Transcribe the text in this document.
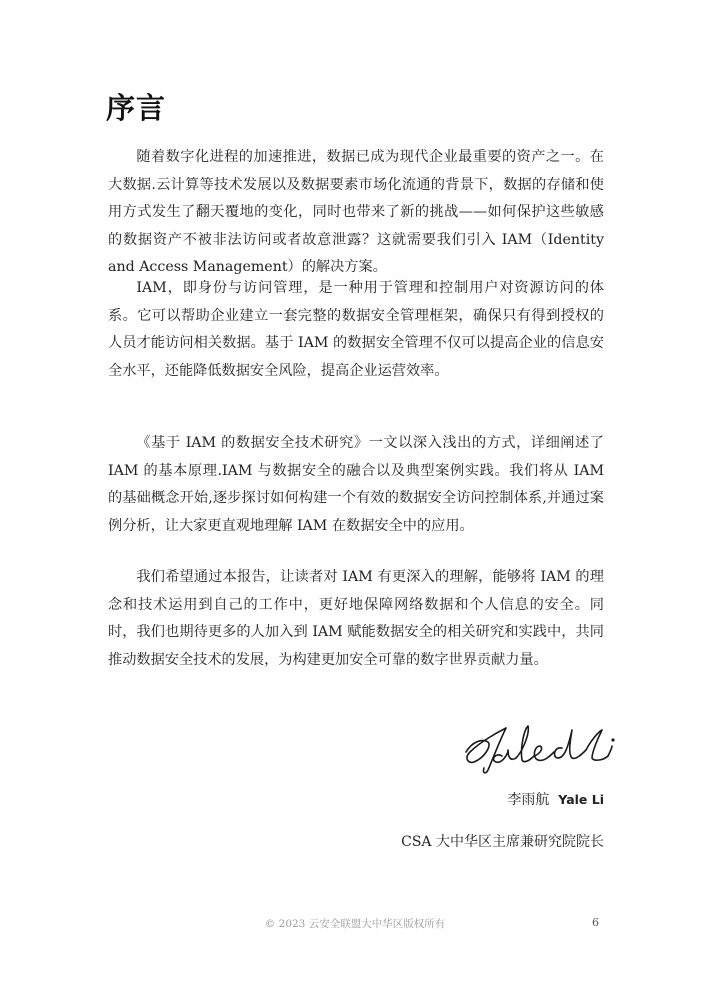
序言

随着数字化进程的加速推进，数据已成为现代企业最重要的资产之一。在大数据.云计算等技术发展以及数据要素市场化流通的背景下，数据的存储和使用方式发生了翻天覆地的变化，同时也带来了新的挑战——如何保护这些敏感的数据资产不被非法访问或者故意泄露？这就需要我们引入 IAM（Identity and Access Management）的解决方案。

IAM，即身份与访问管理，是一种用于管理和控制用户对资源访问的体系。它可以帮助企业建立一套完整的数据安全管理框架，确保只有得到授权的人员才能访问相关数据。基于 IAM 的数据安全管理不仅可以提高企业的信息安全水平，还能降低数据安全风险，提高企业运营效率。

《基于 IAM 的数据安全技术研究》一文以深入浅出的方式，详细阐述了 IAM 的基本原理.IAM 与数据安全的融合以及典型案例实践。我们将从 IAM 的基础概念开始,逐步探讨如何构建一个有效的数据安全访问控制体系,并通过案例分析，让大家更直观地理解 IAM 在数据安全中的应用。

我们希望通过本报告，让读者对 IAM 有更深入的理解，能够将 IAM 的理念和技术运用到自己的工作中，更好地保障网络数据和个人信息的安全。同时，我们也期待更多的人加入到 IAM 赋能数据安全的相关研究和实践中，共同推动数据安全技术的发展，为构建更加安全可靠的数字世界贡献力量。

李雨航 Yale Li

CSA 大中华区主席兼研究院院长

© 2023 云安全联盟大中华区版权所有	6
